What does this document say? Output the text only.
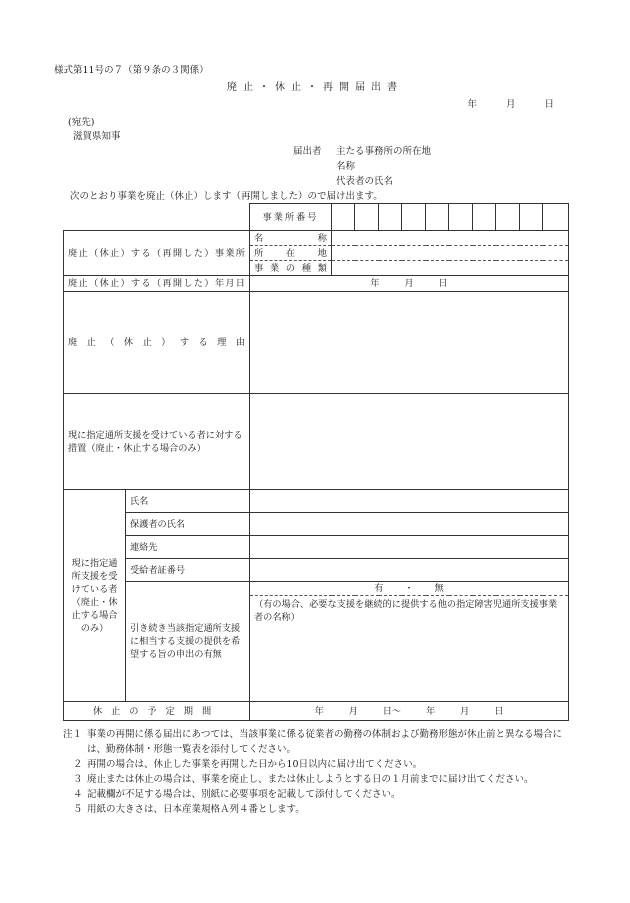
様式第11号の７（第９条の３関係）
廃止・休止・再開届出書
年 月 日
(宛先)
滋賀県知事
届出者 主たる事務所の所在地
名称
代表者の氏名
次のとおり事業を廃止（休止）します（再開しました）ので届け出ます。
		事業所番号										
廃止（休止）する（再開した）事業所		名称										
		所在地										
		事業の種類										
廃止（休止）する（再開した）年月日		年 月 日										
廃止（休止）する理由												
現に指定通所支援を受けている者に対する措置（廃止・休止する場合のみ）												
現に指定通所支援を受けている者（廃止・休止する場合のみ）	氏名											
	保護者の氏名											
	連絡先											
	受給者証番号											
	引き続き当該指定通所支援に相当する支援の提供を希望する旨の申出の有無	有 ・ 無										
		（有の場合、必要な支援を継続的に提供する他の指定障害児通所支援事業者の名称）										
休止の予定期間		年 月 日～ 年 月 日										
注１ 事業の再開に係る届出にあつては、当該事業に係る従業者の勤務の体制および勤務形態が休止前と異なる場合には、勤務体制・形態一覧表を添付してください。
２ 再開の場合は、休止した事業を再開した日から10日以内に届け出てください。
３ 廃止または休止の場合は、事業を廃止し、または休止しようとする日の１月前までに届け出てください。
４ 記載欄が不足する場合は、別紙に必要事項を記載して添付してください。
５ 用紙の大きさは、日本産業規格Ａ列４番とします。
